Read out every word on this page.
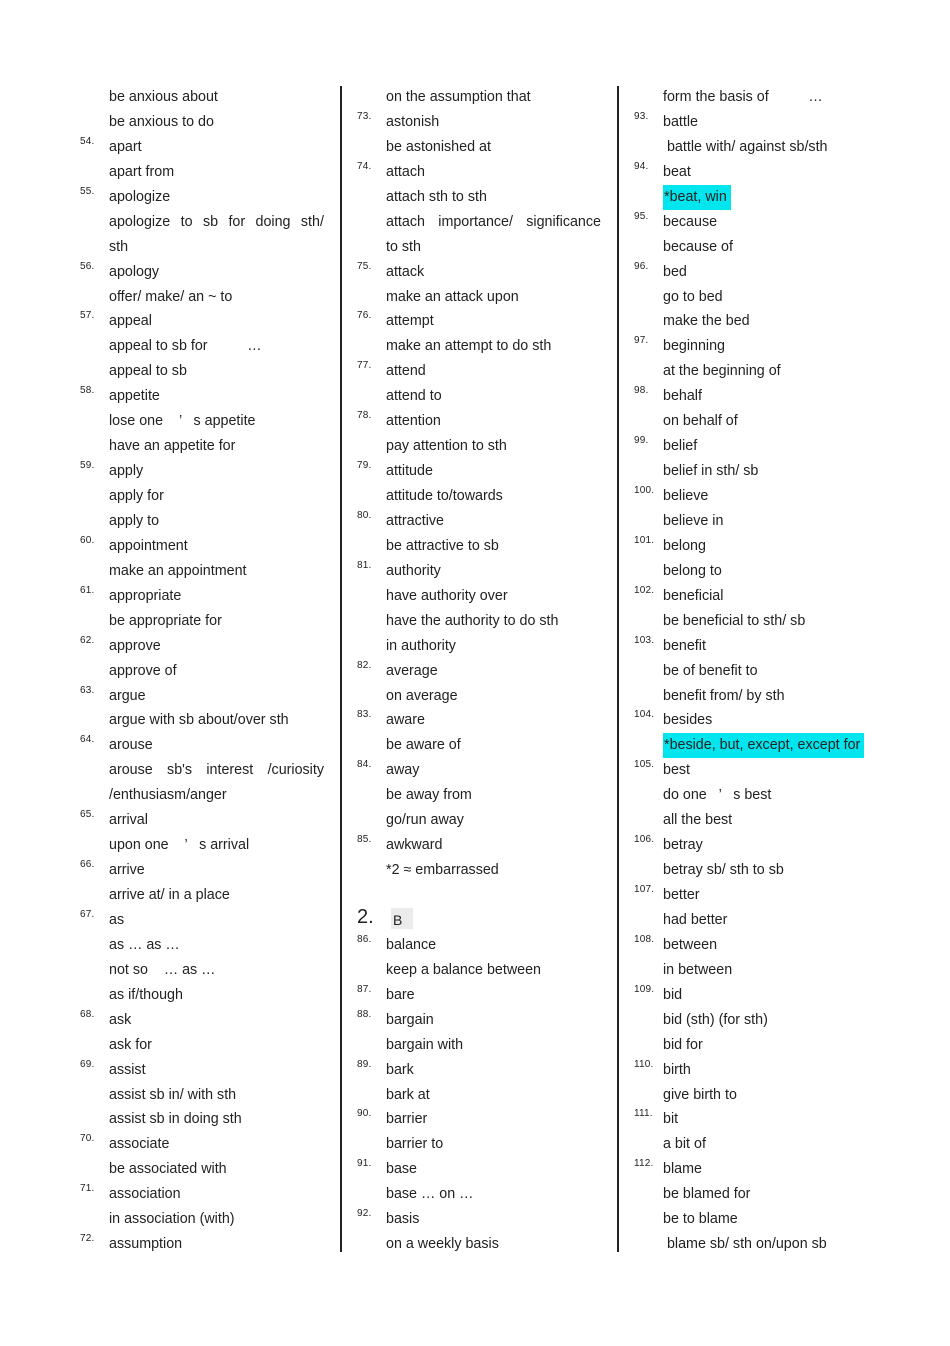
be anxious about
be anxious to do
54. apart
apart from
55. apologize
apologize to sb for doing sth/
sth
56. apology
offer/ make/ an ~ to
57. appeal
appeal to sb for          …
appeal to sb
58. appetite
lose one    ’   s appetite
have an appetite for
59. apply
apply for
apply to
60. appointment
make an appointment
61. appropriate
be appropriate for
62. approve
approve of
63. argue
argue with sb about/over sth
64. arouse
arouse sb's interest /curiosity
/enthusiasm/anger
65. arrival
upon one    ’   s arrival
66. arrive
arrive at/ in a place
67. as
as … as …
not so    … as …
as if/though
68. ask
ask for
69. assist
assist sb in/ with sth
assist sb in doing sth
70. associate
be associated with
71. association
in association (with)
72. assumption
on the assumption that
73. astonish
be astonished at
74. attach
attach sth to sth
attach importance/ significance
to sth
75. attack
make an attack upon
76. attempt
make an attempt to do sth
77. attend
attend to
78. attention
pay attention to sth
79. attitude
attitude to/towards
80. attractive
be attractive to sb
81. authority
have authority over
have the authority to do sth
in authority
82. average
on average
83. aware
be aware of
84. away
be away from
go/run away
85. awkward
*2 ≈ embarrassed
2. B
86. balance
keep a balance between
87. bare
88. bargain
bargain with
89. bark
bark at
90. barrier
barrier to
91. base
base … on …
92. basis
on a weekly basis
form the basis of          …
93. battle
battle with/ against sb/sth
94. beat
*beat, win
95. because
because of
96. bed
go to bed
make the bed
97. beginning
at the beginning of
98. behalf
on behalf of
99. belief
belief in sth/ sb
100. believe
believe in
101. belong
belong to
102. beneficial
be beneficial to sth/ sb
103. benefit
be of benefit to
benefit from/ by sth
104. besides
*beside, but, except, except for
105. best
do one   ’   s best
all the best
106. betray
betray sb/ sth to sb
107. better
had better
108. between
in between
109. bid
bid (sth) (for sth)
bid for
110. birth
give birth to
111. bit
a bit of
112. blame
be blamed for
be to blame
blame sb/ sth on/upon sb
